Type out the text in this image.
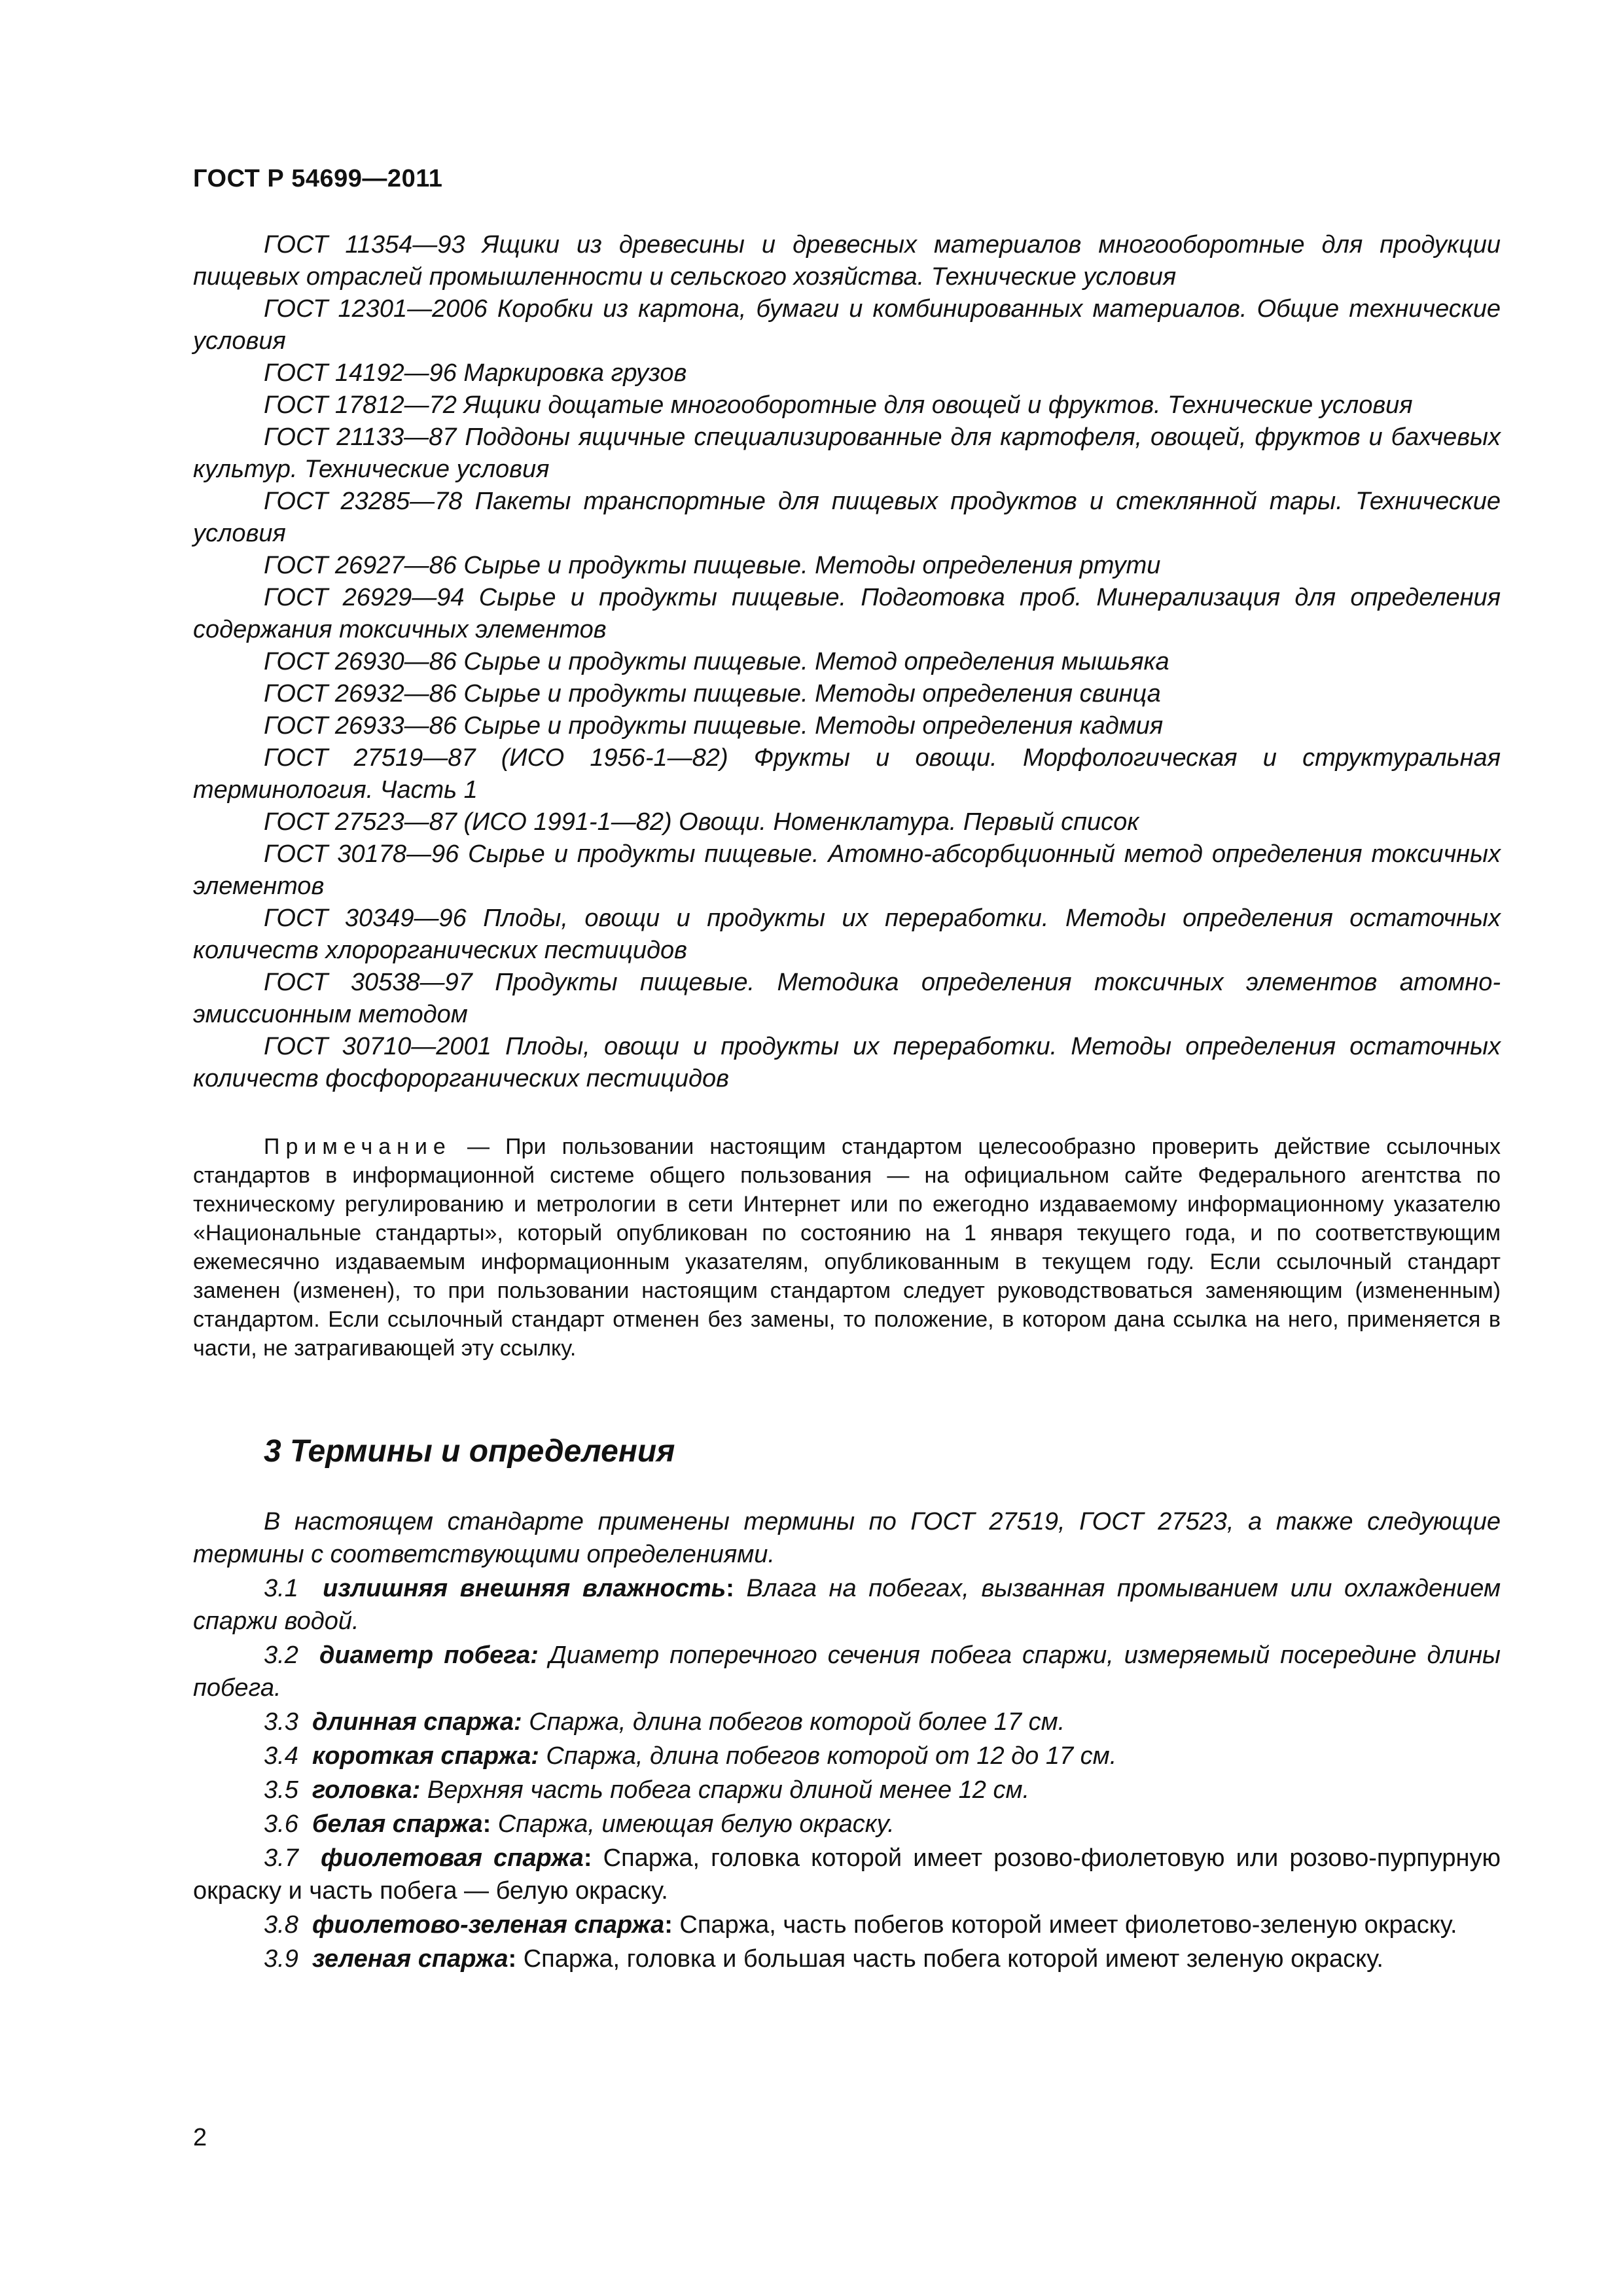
ГОСТ Р 54699—2011

ГОСТ 11354—93 Ящики из древесины и древесных материалов многооборотные для продукции пищевых отраслей промышленности и сельского хозяйства. Технические условия

ГОСТ 12301—2006 Коробки из картона, бумаги и комбинированных материалов. Общие технические условия

ГОСТ 14192—96 Маркировка грузов

ГОСТ 17812—72 Ящики дощатые многооборотные для овощей и фруктов. Технические условия

ГОСТ 21133—87 Поддоны ящичные специализированные для картофеля, овощей, фруктов и бахчевых культур. Технические условия

ГОСТ 23285—78 Пакеты транспортные для пищевых продуктов и стеклянной тары. Технические условия

ГОСТ 26927—86 Сырье и продукты пищевые. Методы определения ртути

ГОСТ 26929—94 Сырье и продукты пищевые. Подготовка проб. Минерализация для определения содержания токсичных элементов

ГОСТ 26930—86 Сырье и продукты пищевые. Метод определения мышьяка

ГОСТ 26932—86 Сырье и продукты пищевые. Методы определения свинца

ГОСТ 26933—86 Сырье и продукты пищевые. Методы определения кадмия

ГОСТ 27519—87 (ИСО 1956-1—82) Фрукты и овощи. Морфологическая и структуральная терминология. Часть 1

ГОСТ 27523—87 (ИСО 1991-1—82) Овощи. Номенклатура. Первый список

ГОСТ 30178—96 Сырье и продукты пищевые. Атомно-абсорбционный метод определения токсичных элементов

ГОСТ 30349—96 Плоды, овощи и продукты их переработки. Методы определения остаточных количеств хлорорганических пестицидов

ГОСТ 30538—97 Продукты пищевые. Методика определения токсичных элементов атомно-эмиссионным методом

ГОСТ 30710—2001 Плоды, овощи и продукты их переработки. Методы определения остаточных количеств фосфорорганических пестицидов

Примечание — При пользовании настоящим стандартом целесообразно проверить действие ссылочных стандартов в информационной системе общего пользования — на официальном сайте Федерального агентства по техническому регулированию и метрологии в сети Интернет или по ежегодно издаваемому информационному указателю «Национальные стандарты», который опубликован по состоянию на 1 января текущего года, и по соответствующим ежемесячно издаваемым информационным указателям, опубликованным в текущем году. Если ссылочный стандарт заменен (изменен), то при пользовании настоящим стандартом следует руководствоваться заменяющим (измененным) стандартом. Если ссылочный стандарт отменен без замены, то положение, в котором дана ссылка на него, применяется в части, не затрагивающей эту ссылку.

3 Термины и определения

В настоящем стандарте применены термины по ГОСТ 27519, ГОСТ 27523, а также следующие термины с соответствующими определениями.

3.1 излишняя внешняя влажность: Влага на побегах, вызванная промыванием или охлаждением спаржи водой.

3.2 диаметр побега: Диаметр поперечного сечения побега спаржи, измеряемый посередине длины побега.

3.3 длинная спаржа: Спаржа, длина побегов которой более 17 см.

3.4 короткая спаржа: Спаржа, длина побегов которой от 12 до 17 см.

3.5 головка: Верхняя часть побега спаржи длиной менее 12 см.

3.6 белая спаржа: Спаржа, имеющая белую окраску.

3.7 фиолетовая спаржа: Спаржа, головка которой имеет розово-фиолетовую или розово-пурпурную окраску и часть побега — белую окраску.

3.8 фиолетово-зеленая спаржа: Спаржа, часть побегов которой имеет фиолетово-зеленую окраску.

3.9 зеленая спаржа: Спаржа, головка и большая часть побега которой имеют зеленую окраску.

2
